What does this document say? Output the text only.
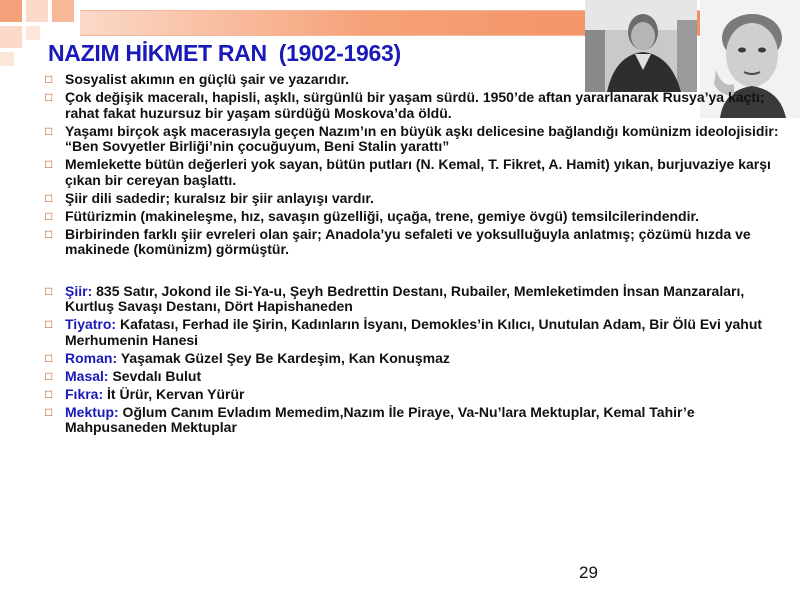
NAZIM HİKMET RAN (1902-1963)
□ Sosyalist akımın en güçlü şair ve yazarıdır.
□ Çok değişik maceralı, hapisli, aşklı, sürgünlü bir yaşam sürdü. 1950’de aftan yararlanarak Rusya’ya kaçtı; rahat fakat huzursuz bir yaşam sürdüğü Moskova’da öldü.
□ Yaşamı birçok aşk macerasıyla geçen Nazım’ın en büyük aşkı delicesine bağlandığı komünizm ideolojisidir: “Ben Sovyetler Birliği’nin çocuğuyum, Beni Stalin yarattı”
□ Memlekette bütün değerleri yok sayan, bütün putları (N. Kemal, T. Fikret, A. Hamit) yıkan, burjuvaziye karşı çıkan bir cereyan başlattı.
□ Şiir dili sadedir; kuralsız bir şiir anlayışı vardır.
□ Fütürizmin (makineleşme, hız, savaşın güzelliği, uçağa, trene, gemiye övgü) temsilcilerindendir.
□ Birbirinden farklı şiir evreleri olan şair; Anadola’yu sefaleti ve yoksulluğuyla anlatmış; çözümü hızda ve makinede (komünizm) görmüştür.
□ Şiir: 835 Satır, Jokond ile Si-Ya-u, Şeyh Bedrettin Destanı, Rubailer, Memleketimden İnsan Manzaraları, Kurtluş Savaşı Destanı, Dört Hapishaneden
□ Tiyatro: Kafatası, Ferhad ile Şirin, Kadınların İsyanı, Demokles’in Kılıcı, Unutulan Adam, Bir Ölü Evi yahut Merhumenin Hanesi
□ Roman: Yaşamak Güzel Şey Be Kardeşim, Kan Konuşmaz
□ Masal: Sevdalı Bulut
□ Fıkra: İt Ürür, Kervan Yürür
□ Mektup: Oğlum Canım Evladım Memedim,Nazım İle Piraye, Va-Nu’lara Mektuplar, Kemal Tahir’e Mahpusaneden Mektuplar
29
